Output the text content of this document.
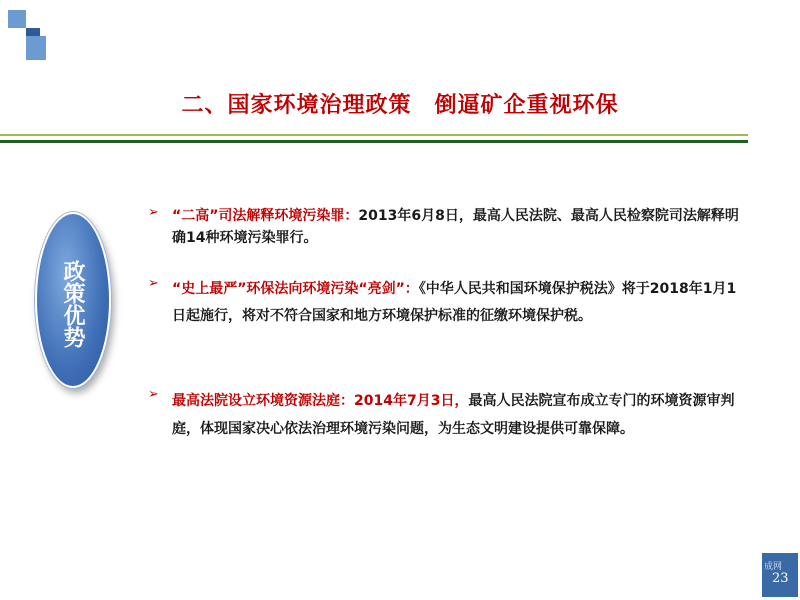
二、国家环境治理政策　倒逼矿企重视环保
政策优势
➢ “二高”司法解释环境污染罪：2013年6月8日，最高人民法院、最高人民检察院司法解释明确14种环境污染罪行。
➢ “史上最严”环保法向环境污染“亮剑”：《中华人民共和国环境保护税法》将于2018年1月1日起施行，将对不符合国家和地方环境保护标准的征缴环境保护税。
➢ 最高法院设立环境资源法庭：2014年7月3日，最高人民法院宣布成立专门的环境资源审判庭，体现国家决心依法治理环境污染问题，为生态文明建设提供可靠保障。
成网
23
